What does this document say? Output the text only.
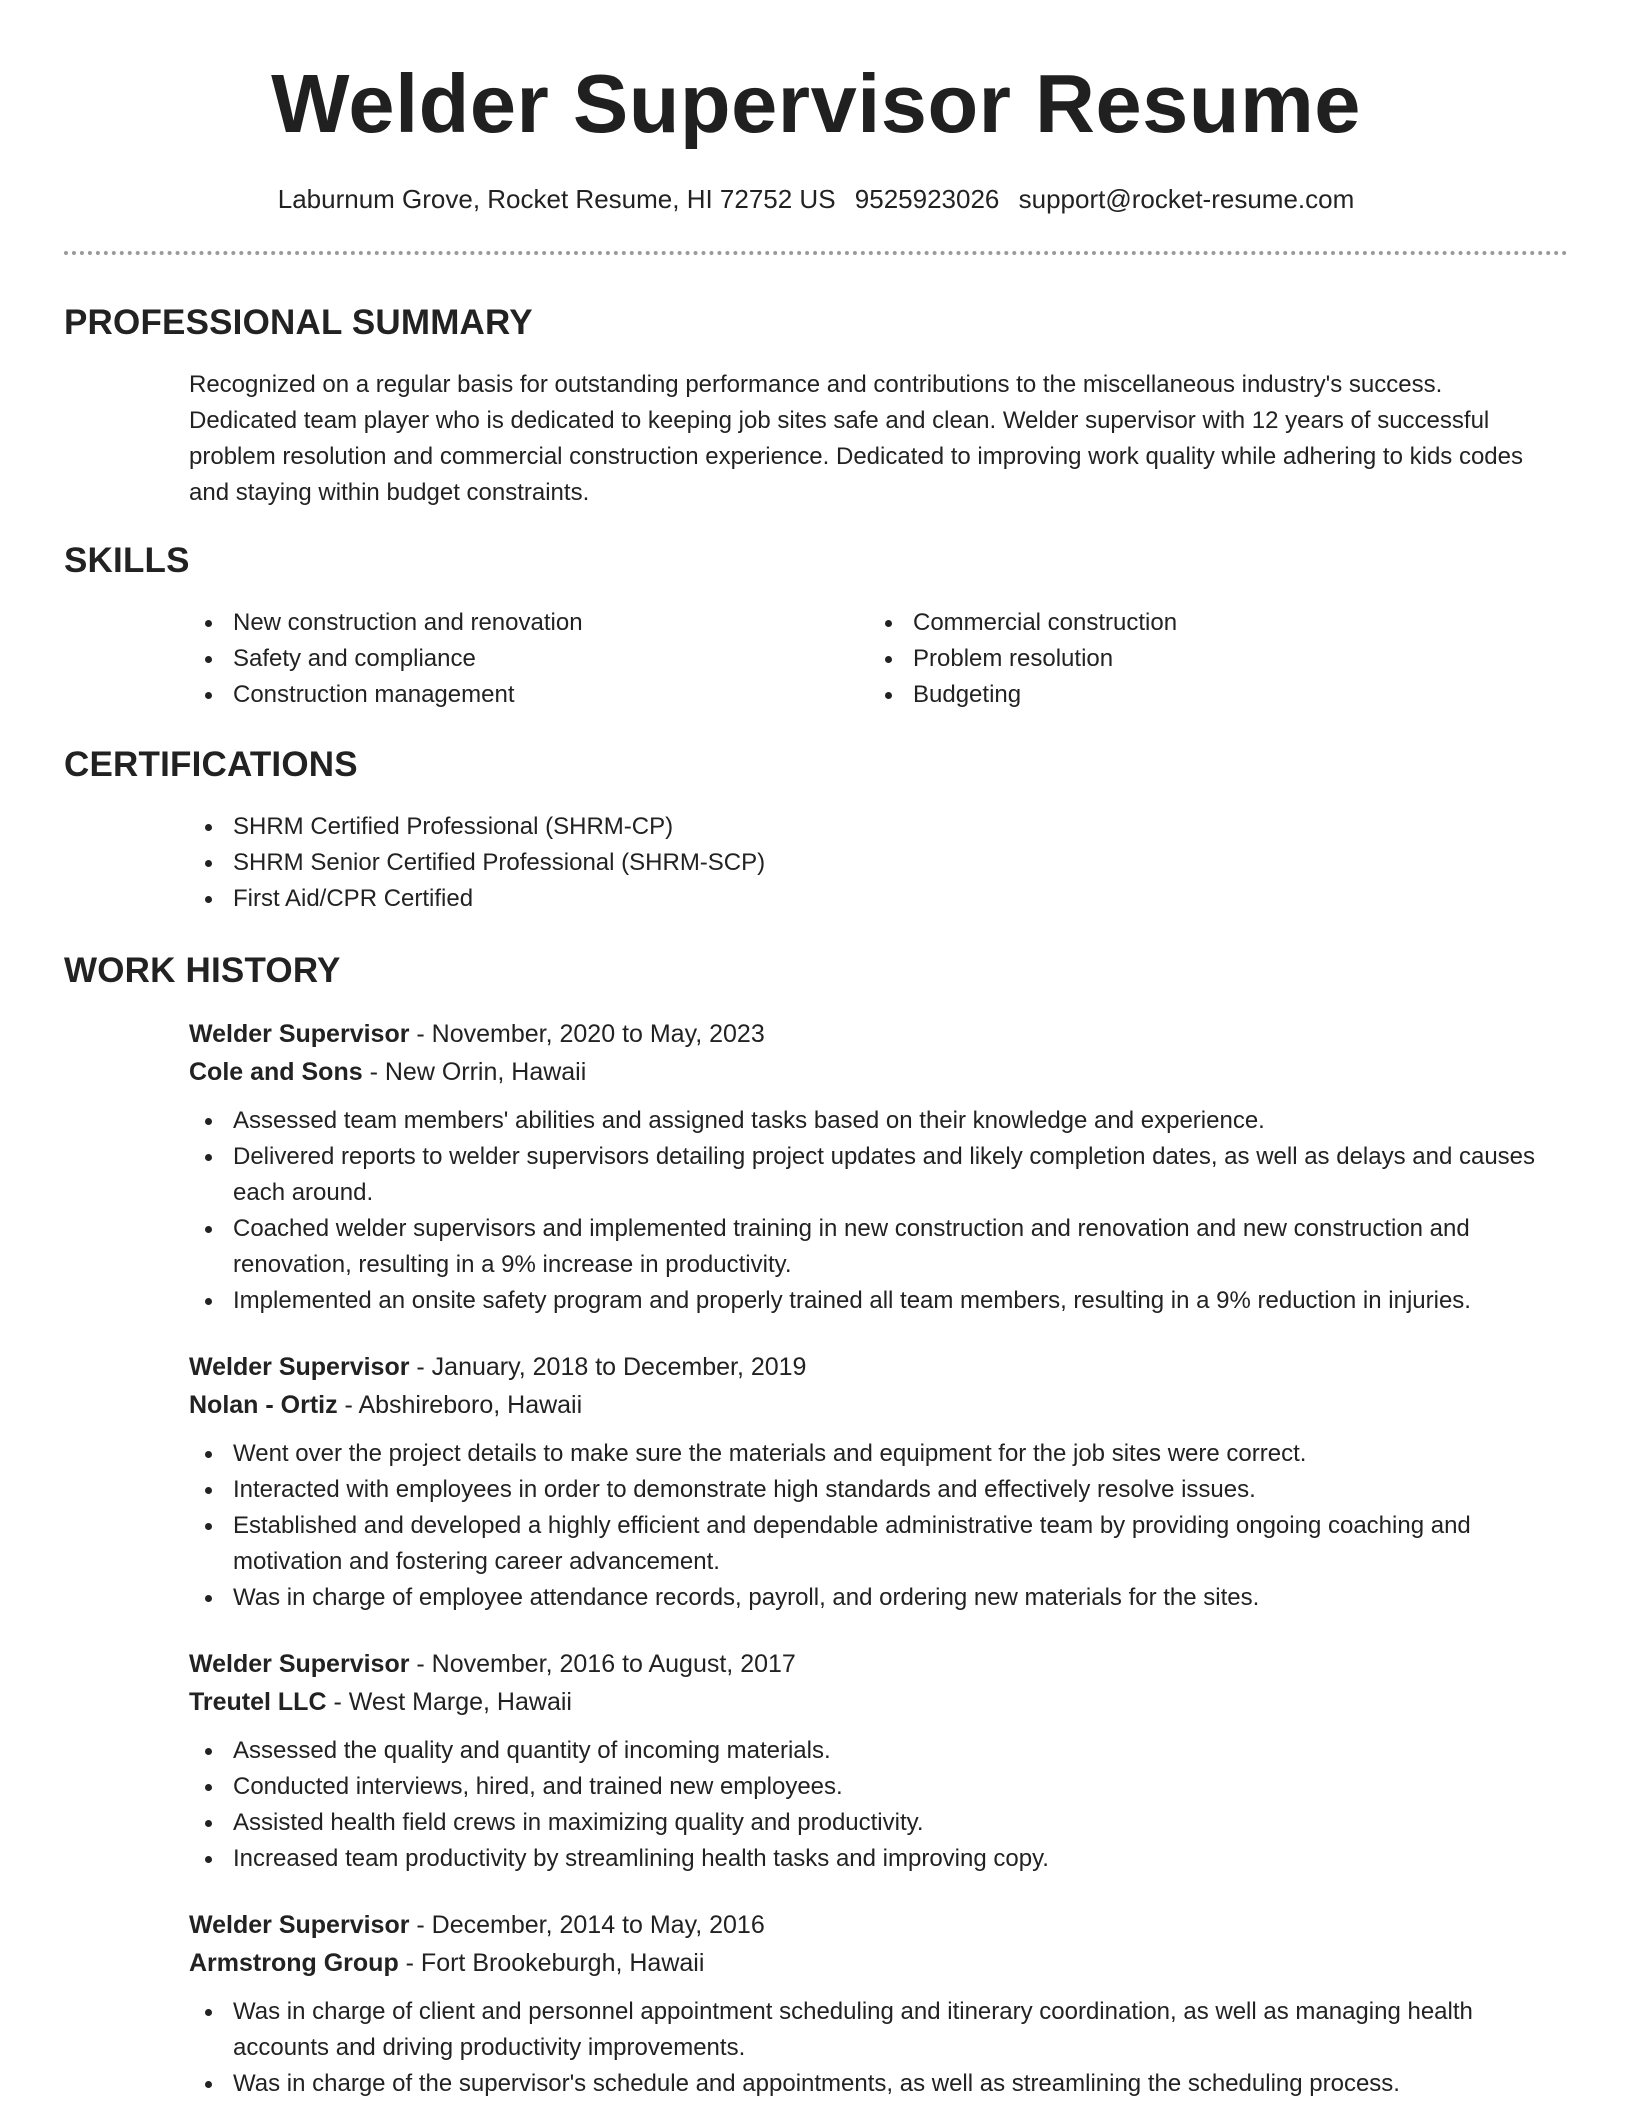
Welder Supervisor Resume
Laburnum Grove, Rocket Resume, HI 72752 US 9525923026 support@rocket-resume.com
PROFESSIONAL SUMMARY

Recognized on a regular basis for outstanding performance and contributions to the miscellaneous industry's success. Dedicated team player who is dedicated to keeping job sites safe and clean. Welder supervisor with 12 years of successful problem resolution and commercial construction experience. Dedicated to improving work quality while adhering to kids codes and staying within budget constraints.

SKILLS
New construction and renovation
Safety and compliance
Construction management
Commercial construction
Problem resolution
Budgeting
CERTIFICATIONS
SHRM Certified Professional (SHRM-CP)
SHRM Senior Certified Professional (SHRM-SCP)
First Aid/CPR Certified
WORK HISTORY
Welder Supervisor - November, 2020 to May, 2023
Cole and Sons - New Orrin, Hawaii
Assessed team members' abilities and assigned tasks based on their knowledge and experience.
Delivered reports to welder supervisors detailing project updates and likely completion dates, as well as delays and causes each around.
Coached welder supervisors and implemented training in new construction and renovation and new construction and renovation, resulting in a 9% increase in productivity.
Implemented an onsite safety program and properly trained all team members, resulting in a 9% reduction in injuries.
Welder Supervisor - January, 2018 to December, 2019
Nolan - Ortiz - Abshireboro, Hawaii
Went over the project details to make sure the materials and equipment for the job sites were correct.
Interacted with employees in order to demonstrate high standards and effectively resolve issues.
Established and developed a highly efficient and dependable administrative team by providing ongoing coaching and motivation and fostering career advancement.
Was in charge of employee attendance records, payroll, and ordering new materials for the sites.
Welder Supervisor - November, 2016 to August, 2017
Treutel LLC - West Marge, Hawaii
Assessed the quality and quantity of incoming materials.
Conducted interviews, hired, and trained new employees.
Assisted health field crews in maximizing quality and productivity.
Increased team productivity by streamlining health tasks and improving copy.
Welder Supervisor - December, 2014 to May, 2016
Armstrong Group - Fort Brookeburgh, Hawaii
Was in charge of client and personnel appointment scheduling and itinerary coordination, as well as managing health accounts and driving productivity improvements.
Was in charge of the supervisor's schedule and appointments, as well as streamlining the scheduling process.
